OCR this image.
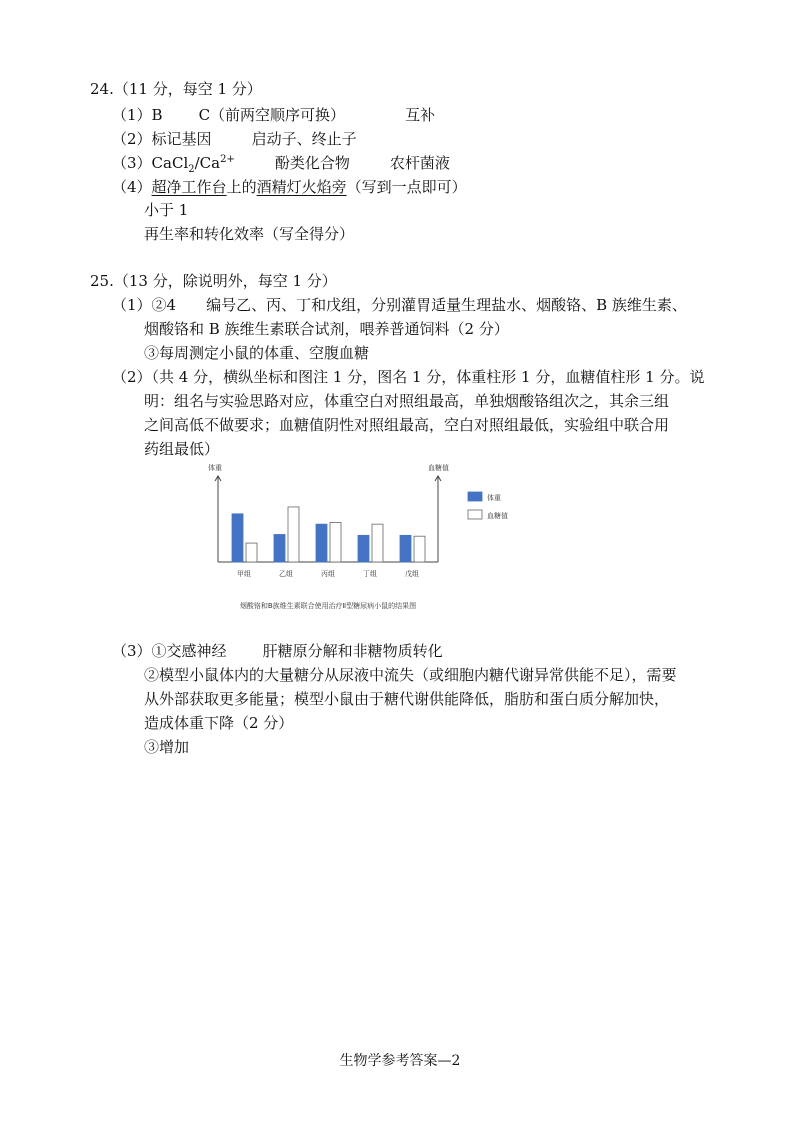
24.（11 分，每空 1 分）
（1）B C（前两空顺序可换）	互补
（2）标记基因	启动子、终止子
$(3)CaCl_2/Ca^{2+}$	酚类化合物	农杆菌液
（4）超净工作台上的酒精灯火焰旁（写到一点即可）
小于 1
再生率和转化效率（写全得分）
25.（13 分，除说明外，每空 1 分）
（1）②4 编号乙、丙、丁和戊组，分别灌胃适量生理盐水、烟酸铬、B 族维生素、
烟酸铬和 B 族维生素联合试剂，喂养普通饲料（2 分）
③每周测定小鼠的体重、空腹血糖
（2）（共 4 分，横纵坐标和图注 1 分，图名 1 分，体重柱形 1 分，血糖值柱形 1 分。说
明：组名与实验思路对应，体重空白对照组最高，单独烟酸铬组次之，其余三组
之间高低不做要求；血糖值阴性对照组最高，空白对照组最低，实验组中联合用
药组最低）
体重	血糖值
甲组	乙组	丙组	丁组	戊组
体重
血糖值
烟酸铬和B族维生素联合使用治疗Ⅱ型糖尿病小鼠的结果图
（3）①交感神经 肝糖原分解和非糖物质转化
②模型小鼠体内的大量糖分从尿液中流失（或细胞内糖代谢异常供能不足），需要
从外部获取更多能量；模型小鼠由于糖代谢供能降低，脂肪和蛋白质分解加快，
造成体重下降（2 分）
③增加
生物学参考答案—2
